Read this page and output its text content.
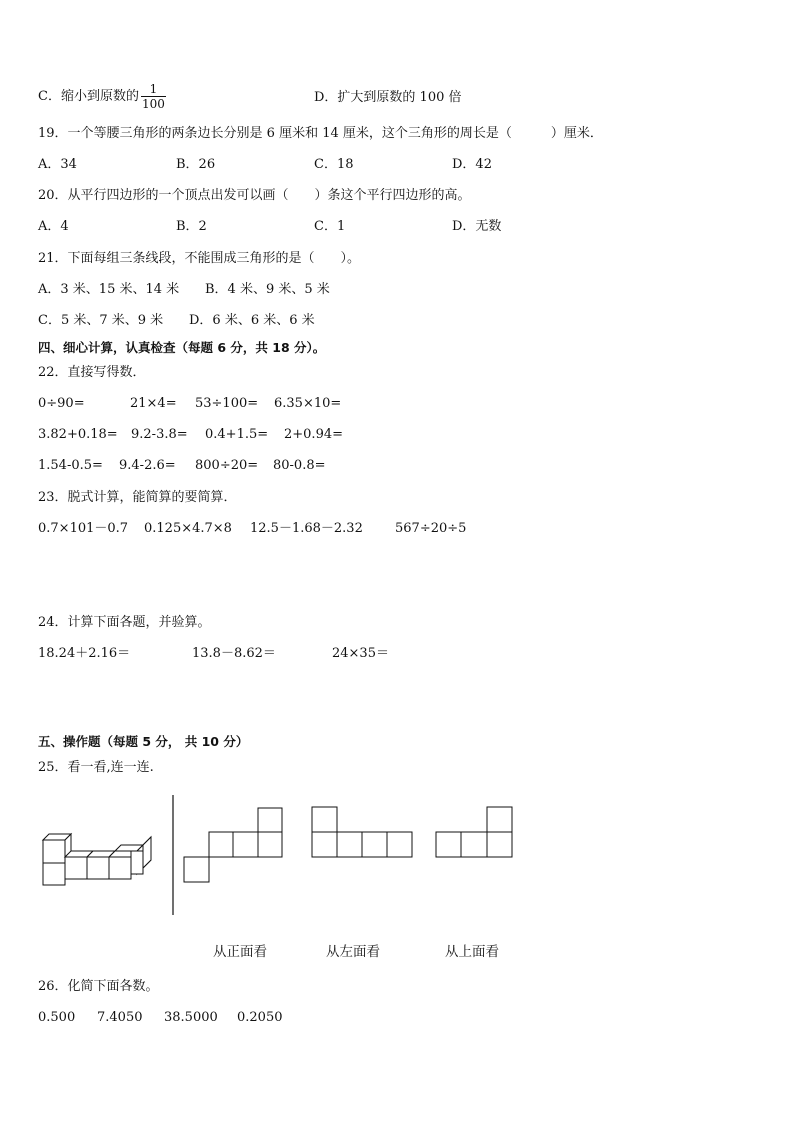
C．缩小到原数的 $\frac{1}{100}$	D．扩大到原数的 100 倍
19．一个等腰三角形的两条边长分别是 6 厘米和 14 厘米，这个三角形的周长是（　　　）厘米．
A．34	B．26	C．18	D．42
20．从平行四边形的一个顶点出发可以画（　　）条这个平行四边形的高。
A．4	B．2	C．1	D．无数
21．下面每组三条线段，不能围成三角形的是（　　）。
A．3 米、15 米、14 米 B．4 米、9 米、5 米
C．5 米、7 米、9 米 D．6 米、6 米、6 米
四、细心计算，认真检查（每题 6 分，共 18 分）。
22．直接写得数．
0÷90=	21×4= 53÷100= 6.35×10=
3.82+0.18= 9.2-3.8= 0.4+1.5= 2+0.94=
1.54-0.5= 9.4-2.6= 800÷20= 80-0.8=
23．脱式计算，能简算的要简算．
0.7×101－0.7 0.125×4.7×8 12.5－1.68－2.32 567÷20÷5
24．计算下面各题，并验算。
18.24＋2.16＝	13.8－8.62＝	24×35＝
五、操作题（每题 5 分， 共 10 分）
25．看一看,连一连.
从正面看	从左面看	从上面看
26．化简下面各数。
0.500 7.4050 38.5000 0.2050
